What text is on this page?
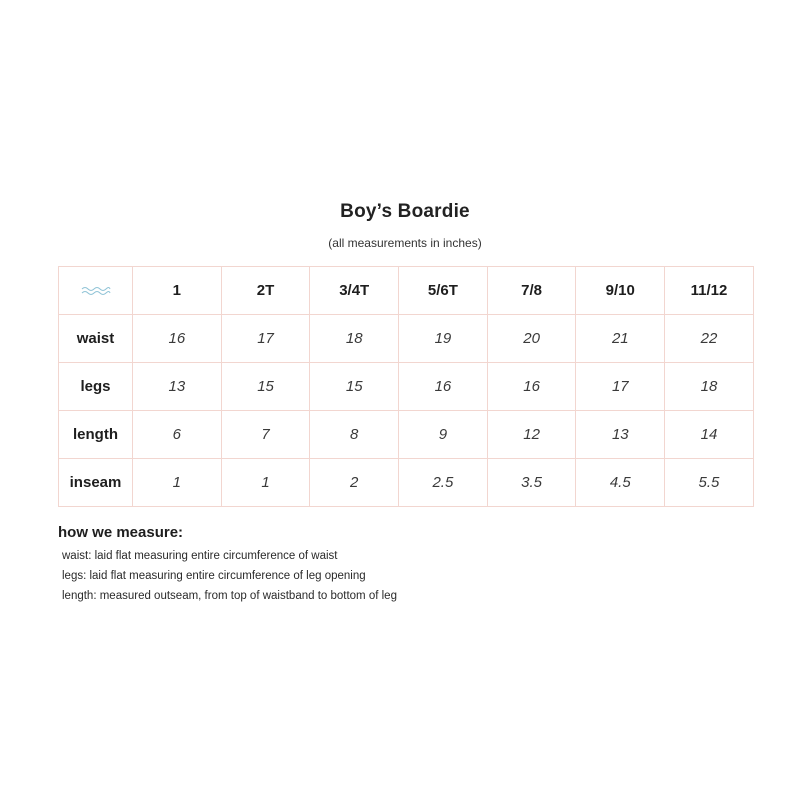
Boy’s Boardie
(all measurements in inches)
	1	2T	3/4T	5/6T	7/8	9/10	11/12
waist	16	17	18	19	20	21	22
legs	13	15	15	16	16	17	18
length	6	7	8	9	12	13	14
inseam	1	1	2	2.5	3.5	4.5	5.5
how we measure:
waist: laid flat measuring entire circumference of waist
legs: laid flat measuring entire circumference of leg opening
length: measured outseam, from top of waistband to bottom of leg
